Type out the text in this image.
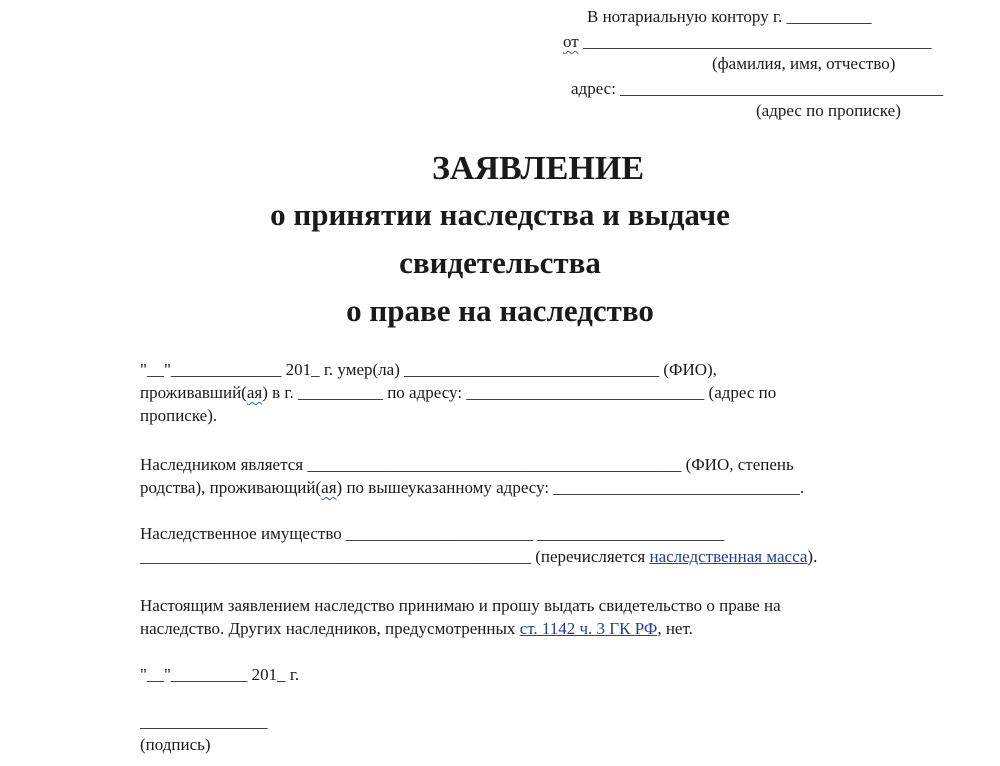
В нотариальную контору г. __________
от _________________________________________
(фамилия, имя, отчество)
адрес: ______________________________________
(адрес по прописке)
ЗАЯВЛЕНИЕ
о принятии наследства и выдаче
свидетельства
о праве на наследство
"__"_____________ 201_ г. умер(ла) ______________________________ (ФИО),
проживавший(ая) в г. __________ по адресу: ____________________________ (адрес по
прописке).
Наследником является ____________________________________________ (ФИО, степень
родства), проживающий(ая) по вышеуказанному адресу: _____________________________.
Наследственное имущество ______________________ ______________________
______________________________________________ (перечисляется наследственная масса).
Настоящим заявлением наследство принимаю и прошу выдать свидетельство о праве на
наследство. Других наследников, предусмотренных ст. 1142 ч. 3 ГК РФ, нет.
"__"_________ 201_ г.
_______________
(подпись)
